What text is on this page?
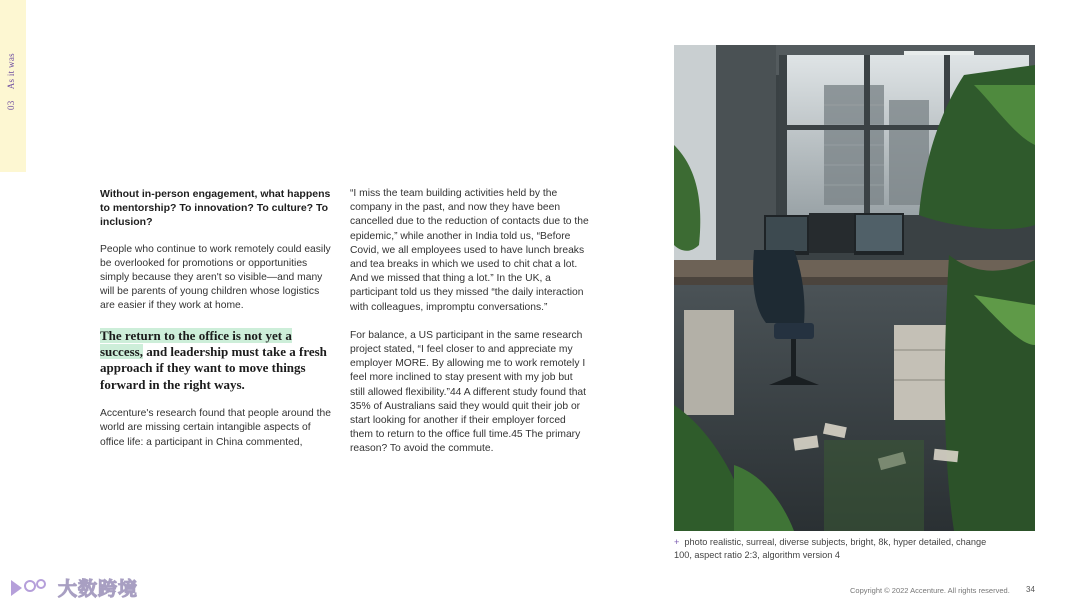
03  As it was

Without in-person engagement, what happens to mentorship? To innovation? To culture? To inclusion?

People who continue to work remotely could easily be overlooked for promotions or opportunities simply because they aren't so visible—and many will be parents of young children whose logistics are easier if they work at home.

The return to the office is not yet a success, and leadership must take a fresh approach if they want to move things forward in the right ways.

Accenture's research found that people around the world are missing certain intangible aspects of office life: a participant in China commented,

“I miss the team building activities held by the company in the past, and now they have been cancelled due to the reduction of contacts due to the epidemic,” while another in India told us, “Before Covid, we all employees used to have lunch breaks and tea breaks in which we used to chit chat a lot. And we missed that thing a lot.” In the UK, a participant told us they missed “the daily interaction with colleagues, impromptu conversations.”

For balance, a US participant in the same research project stated, “I feel closer to and appreciate my employer MORE. By allowing me to work remotely I feel more inclined to stay present with my job but still allowed flexibility.”44 A different study found that 35% of Australians said they would quit their job or start looking for another if their employer forced them to return to the office full time.45 The primary reason? To avoid the commute.

+ photo realistic, surreal, diverse subjects, bright, 8k, hyper detailed, change 100, aspect ratio 2:3, algorithm version 4
Copyright © 2022 Accenture. All rights reserved. 34
大数跨境
